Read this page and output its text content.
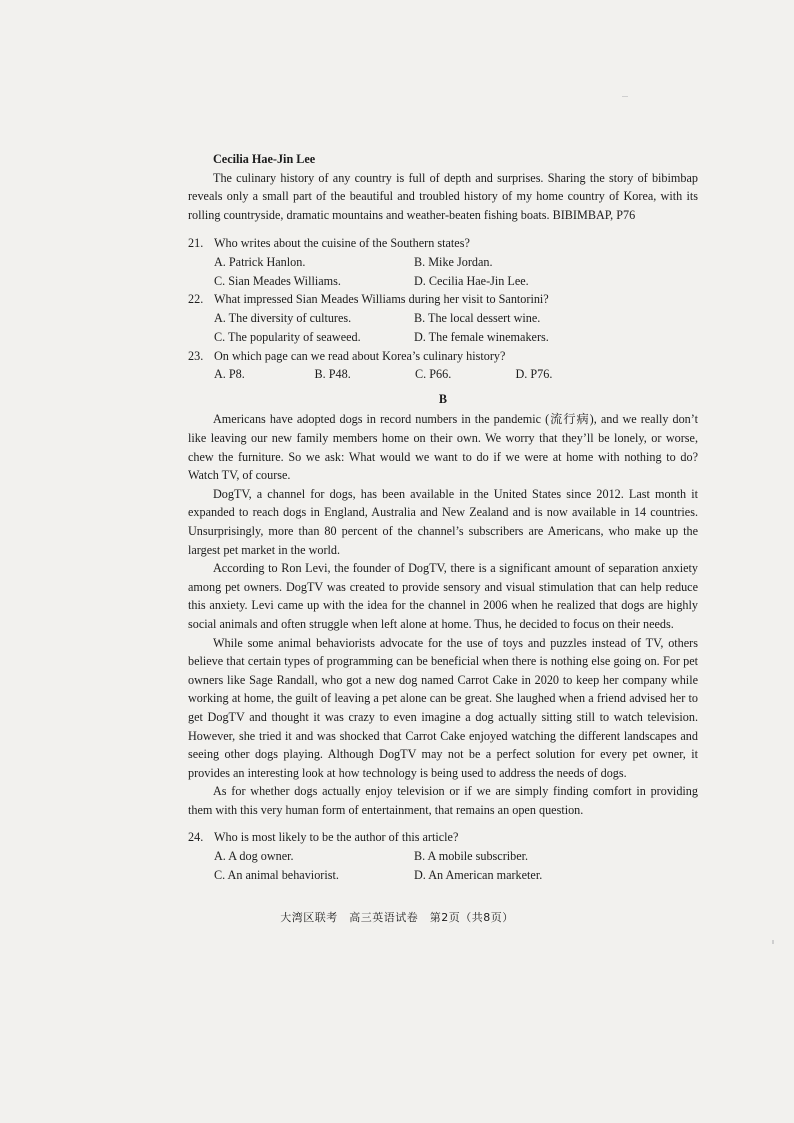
Cecilia Hae-Jin Lee

The culinary history of any country is full of depth and surprises. Sharing the story of bibimbap reveals only a small part of the beautiful and troubled history of my home country of Korea, with its rolling countryside, dramatic mountains and weather-beaten fishing boats. BIBIMBAP, P76

21. Who writes about the cuisine of the Southern states?
A. Patrick Hanlon.	B. Mike Jordan.
C. Sian Meades Williams.	D. Cecilia Hae-Jin Lee.
22. What impressed Sian Meades Williams during her visit to Santorini?
A. The diversity of cultures.	B. The local dessert wine.
C. The popularity of seaweed.	D. The female winemakers.
23. On which page can we read about Korea’s culinary history?
A. P8.	B. P48.	C. P66.	D. P76.
B

Americans have adopted dogs in record numbers in the pandemic (流行病), and we really don’t like leaving our new family members home on their own. We worry that they’ll be lonely, or worse, chew the furniture. So we ask: What would we want to do if we were at home with nothing to do? Watch TV, of course.

DogTV, a channel for dogs, has been available in the United States since 2012. Last month it expanded to reach dogs in England, Australia and New Zealand and is now available in 14 countries. Unsurprisingly, more than 80 percent of the channel’s subscribers are Americans, who make up the largest pet market in the world.

According to Ron Levi, the founder of DogTV, there is a significant amount of separation anxiety among pet owners. DogTV was created to provide sensory and visual stimulation that can help reduce this anxiety. Levi came up with the idea for the channel in 2006 when he realized that dogs are highly social animals and often struggle when left alone at home. Thus, he decided to focus on their needs.

While some animal behaviorists advocate for the use of toys and puzzles instead of TV, others believe that certain types of programming can be beneficial when there is nothing else going on. For pet owners like Sage Randall, who got a new dog named Carrot Cake in 2020 to keep her company while working at home, the guilt of leaving a pet alone can be great. She laughed when a friend advised her to get DogTV and thought it was crazy to even imagine a dog actually sitting still to watch television. However, she tried it and was shocked that Carrot Cake enjoyed watching the different landscapes and seeing other dogs playing. Although DogTV may not be a perfect solution for every pet owner, it provides an interesting look at how technology is being used to address the needs of dogs.

As for whether dogs actually enjoy television or if we are simply finding comfort in providing them with this very human form of entertainment, that remains an open question.

24. Who is most likely to be the author of this article?
A. A dog owner.	B. A mobile subscriber.
C. An animal behaviorist.	D. An American marketer.
大湾区联考　高三英语试卷　第2页（共8页）
